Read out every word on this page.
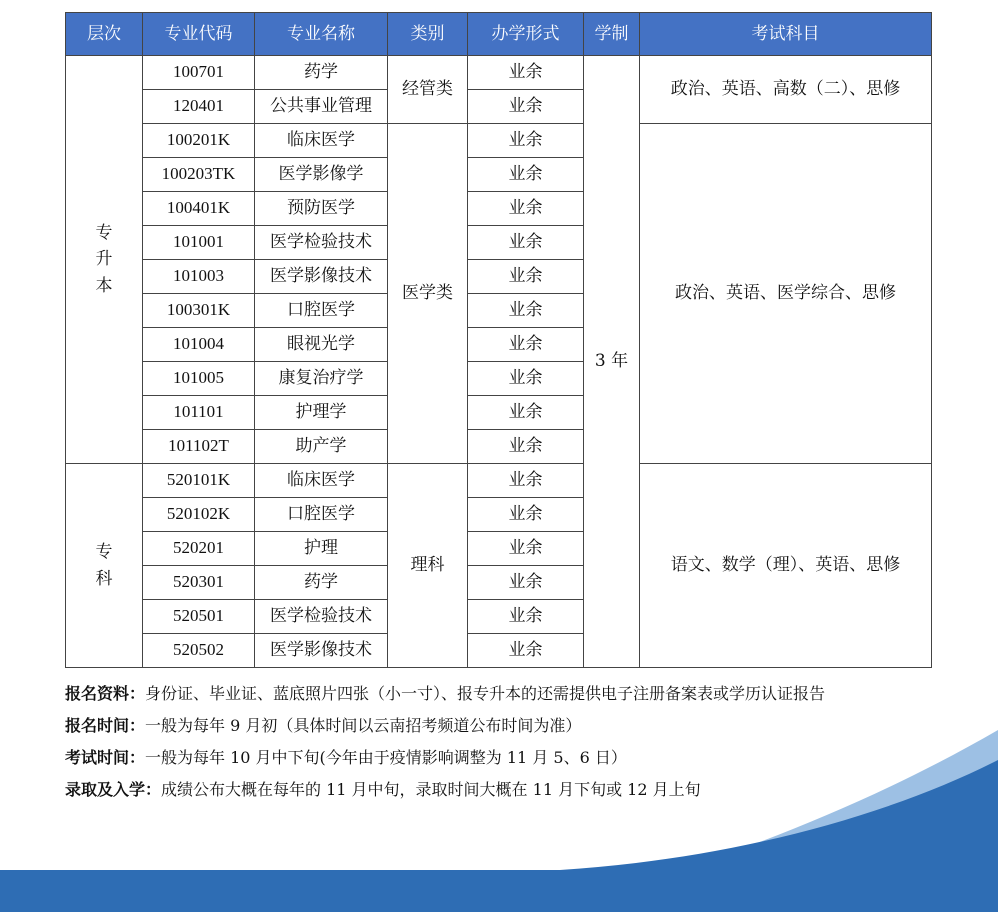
层次	专业代码	专业名称	类别	办学形式	学制	考试科目
专升本	100701	药学	经管类	业余	3 年	政治、英语、高数（二）、思修
	120401	公共事业管理		业余		
	100201K	临床医学	医学类	业余		政治、英语、医学综合、思修
	100203TK	医学影像学		业余		
	100401K	预防医学		业余		
	101001	医学检验技术		业余		
	101003	医学影像技术		业余		
	100301K	口腔医学		业余		
	101004	眼视光学		业余		
	101005	康复治疗学		业余		
	101101	护理学		业余		
	101102T	助产学		业余		
专科	520101K	临床医学	理科	业余		语文、数学（理）、英语、思修
	520102K	口腔医学		业余		
	520201	护理		业余		
	520301	药学		业余		
	520501	医学检验技术		业余		
	520502	医学影像技术		业余		
报名资料：身份证、毕业证、蓝底照片四张（小一寸）、报专升本的还需提供电子注册备案表或学历认证报告
报名时间：一般为每年 9 月初（具体时间以云南招考频道公布时间为准）
考试时间：一般为每年 10 月中下旬(今年由于疫情影响调整为 11 月 5、6 日）
录取及入学：成绩公布大概在每年的 11 月中旬，录取时间大概在 11 月下旬或 12 月上旬
